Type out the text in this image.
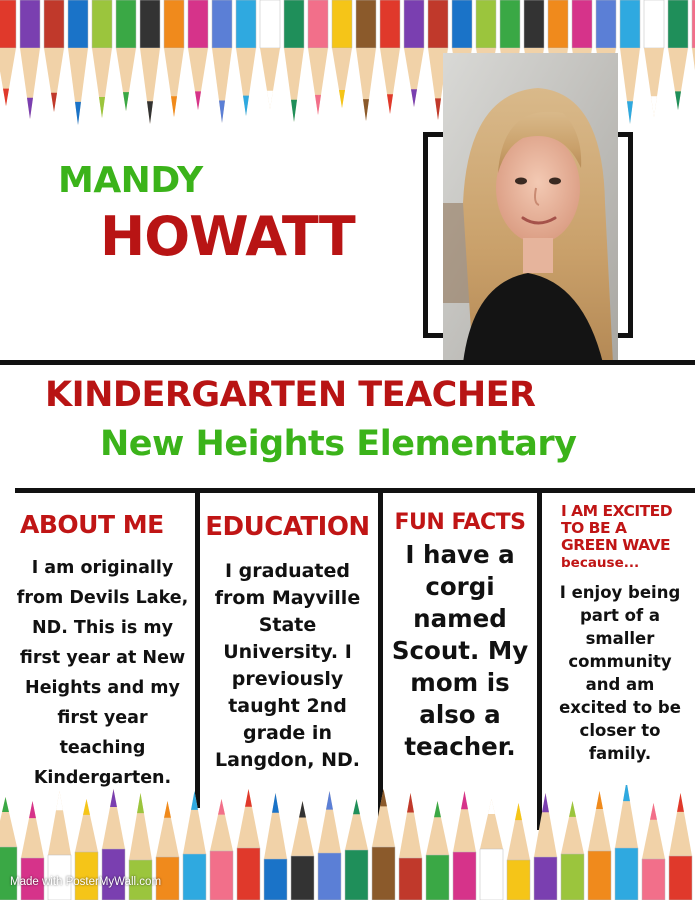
MANDY
HOWATT
KINDERGARTEN TEACHER
New Heights Elementary
ABOUT ME

I am originally
from Devils Lake,
ND. This is my
first year at New
Heights and my
first year teaching
Kindergarten.

EDUCATION

I graduated
from Mayville
State
University. I
previously
taught 2nd
grade in
Langdon, ND.

FUN FACTS

I have a
corgi
named
Scout. My
mom is
also a
teacher.

I AM EXCITED
TO BE A
GREEN WAVE
because...

I enjoy being
part of a
smaller
community
and am
excited to be
closer to
family.

Made with PosterMyWall.com
